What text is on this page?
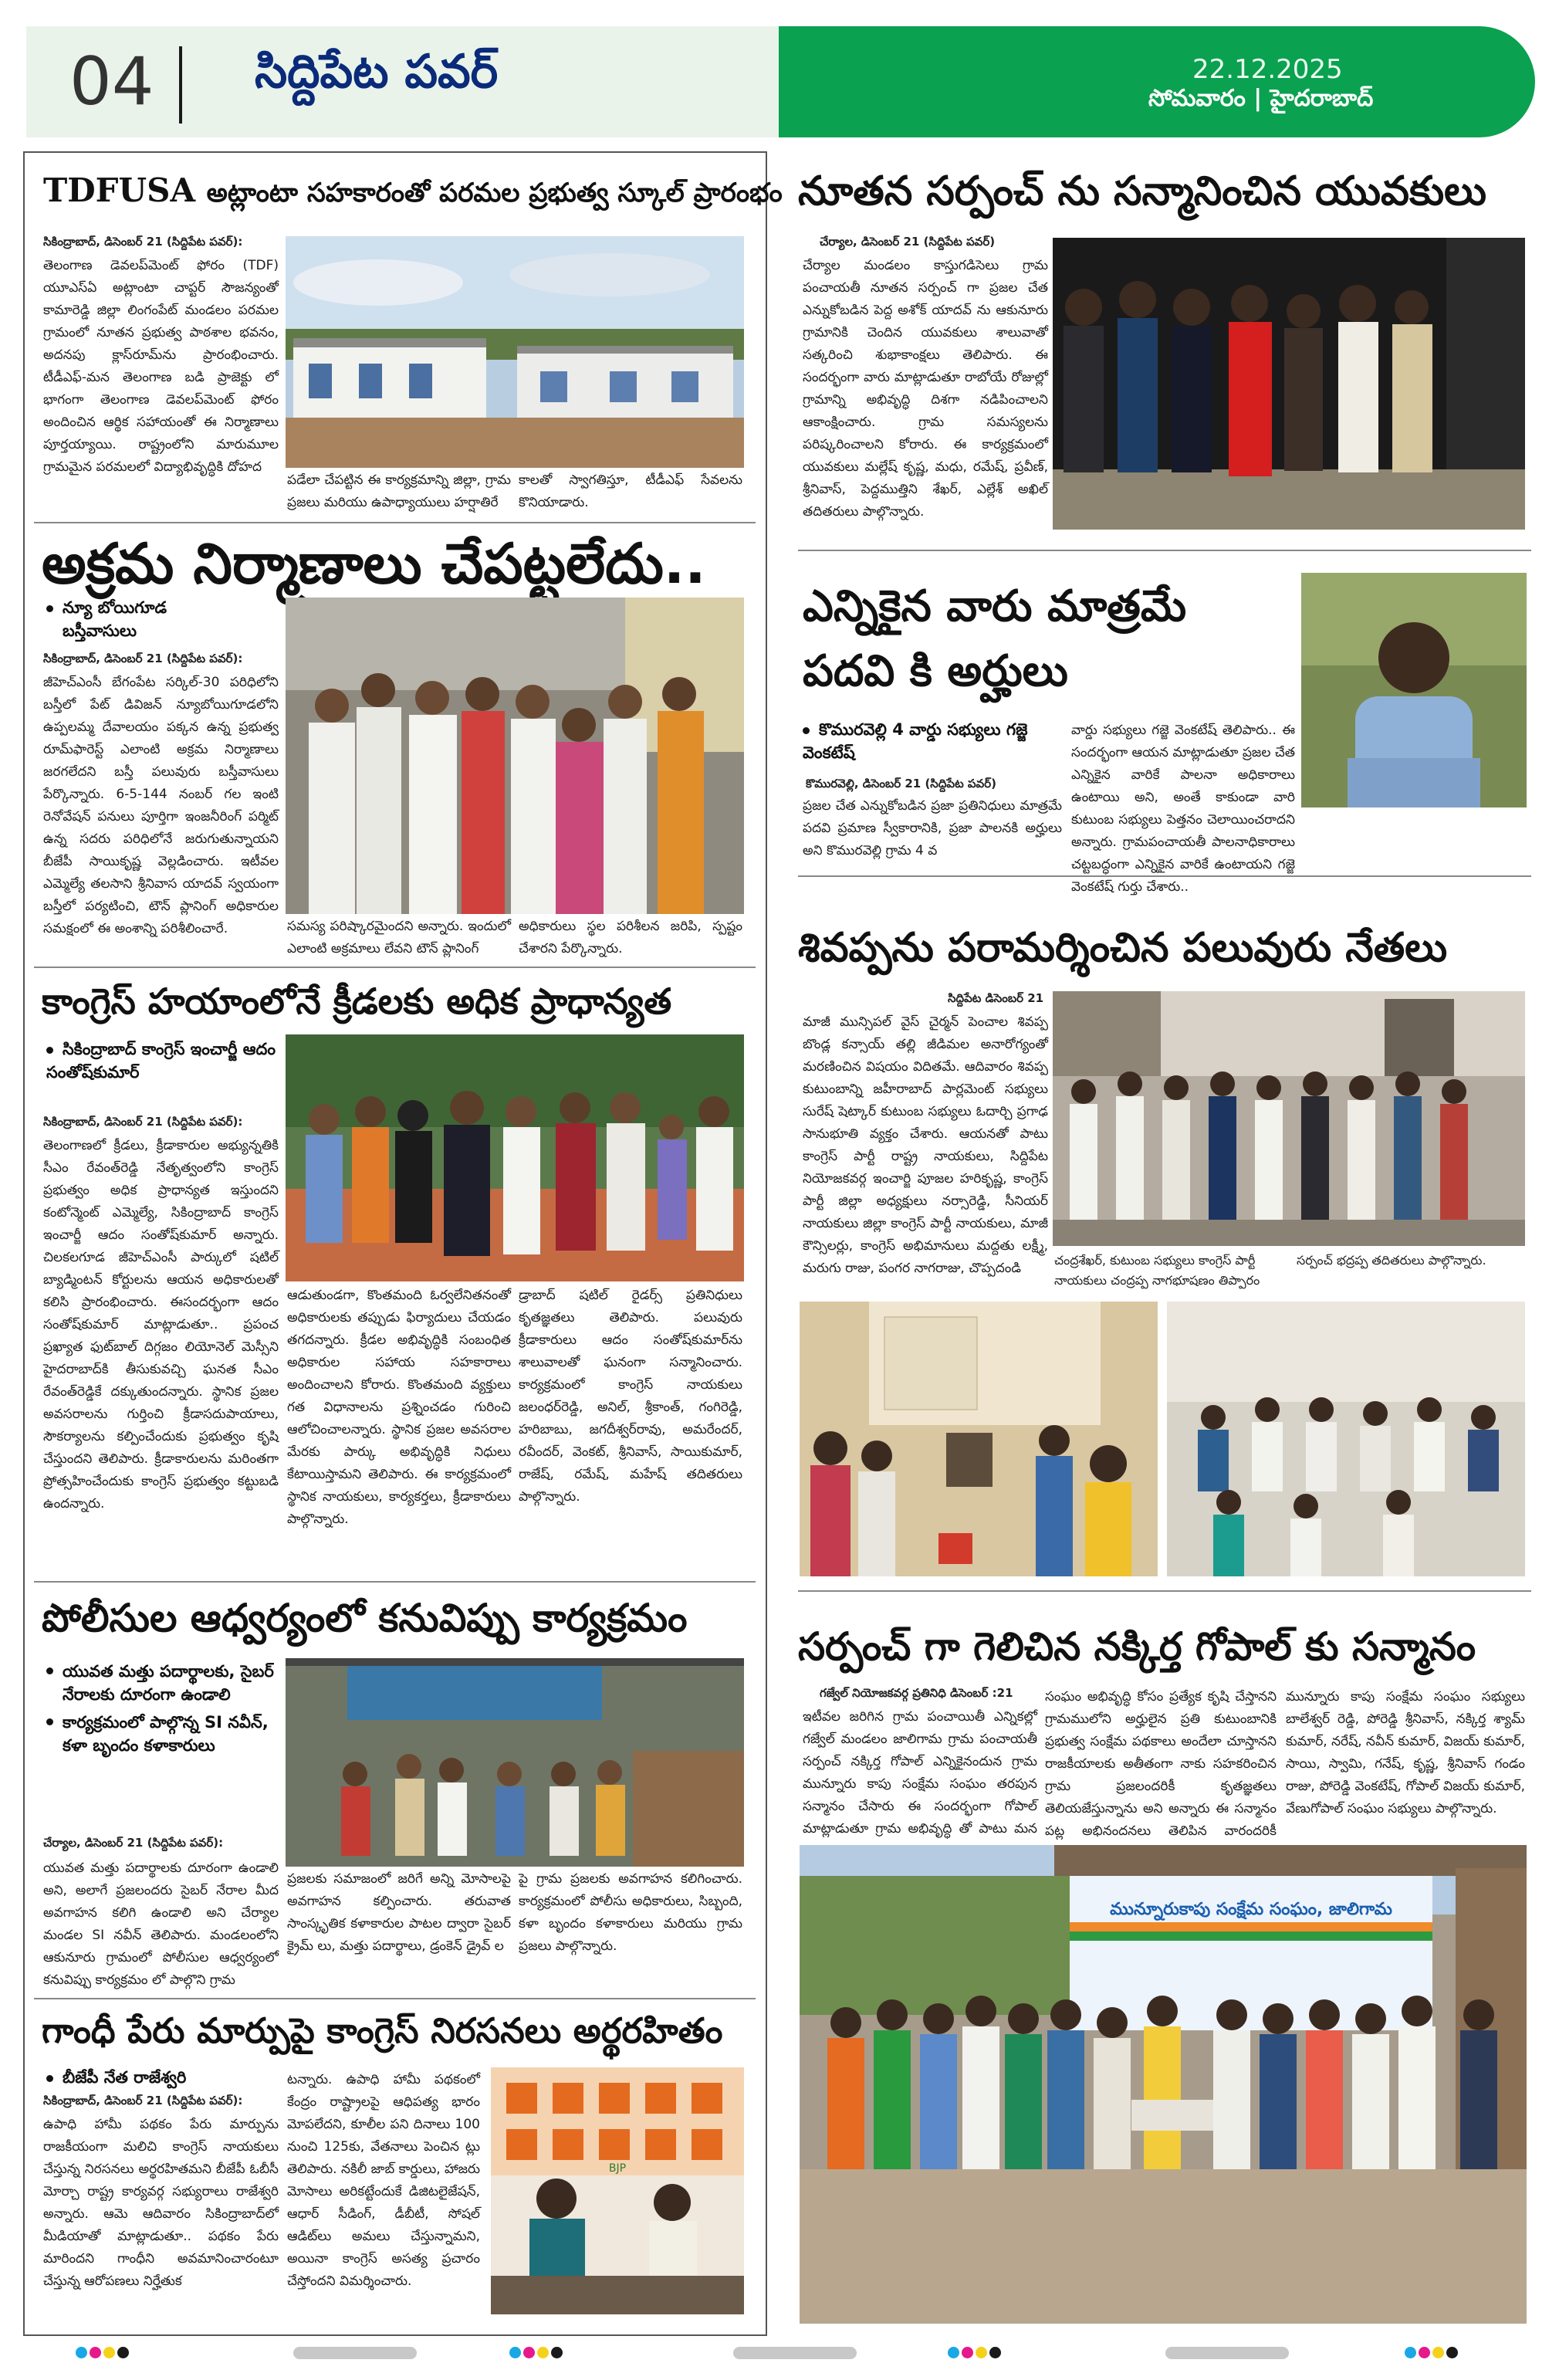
04 సిద్దిపేట పవర్	22.12.2025
సోమవారం | హైదరాబాద్
TDFUSA అట్లాంటా సహకారంతో పరమల ప్రభుత్వ స్కూల్ ప్రారంభం
సికింద్రాబాద్, డిసెంబర్ 21 (సిద్దిపేట పవర్):
తెలంగాణ డెవలప్‌మెంట్ ఫోరం (TDF) యూఎస్‌ఏ అట్లాంటా చాప్టర్ సౌజన్యంతో కామారెడ్డి జిల్లా లింగంపేట్ మండలం పరమల గ్రామంలో నూతన ప్రభుత్వ పాఠశాల భవనం, అదనపు క్లాస్‌రూమ్‌ను ప్రారంభించారు. టీడీఎఫ్-మన తెలంగాణ బడి ప్రాజెక్టు లో భాగంగా తెలంగాణ డెవలప్‌మెంట్ ఫోరం అందించిన ఆర్థిక సహాయంతో ఈ నిర్మాణాలు పూర్తయ్యాయి. రాష్ట్రంలోని మారుమూల గ్రామమైన పరమలలో విద్యాభివృద్ధికి దోహద
పడేలా చేపట్టిన ఈ కార్యక్రమాన్ని జిల్లా, గ్రామ ప్రజలు మరియు ఉపాధ్యాయులు హర్షాతిరే
కాలతో స్వాగతిస్తూ, టీడీఎఫ్ సేవలను కొనియాడారు.
అక్రమ నిర్మాణాలు చేపట్టలేదు..
న్యూ బోయిగూడ
బస్తీవాసులు
సికింద్రాబాద్, డిసెంబర్ 21 (సిద్దిపేట పవర్):
జీహెచ్‌ఎంసీ బేగంపేట సర్కిల్-30 పరిధిలోని బస్తీలో పేట్ డివిజన్ న్యూబోయిగూడలోని ఉప్పలమ్మ దేవాలయం పక్కన ఉన్న ప్రభుత్వ రూమ్‌ఫారెస్ట్ ఎలాంటి అక్రమ నిర్మాణాలు జరగలేదని బస్తీ పలువురు బస్తీవాసులు పేర్కొన్నారు. 6-5-144 నంబర్ గల ఇంటి రెనోవేషన్ పనులు పూర్తిగా ఇంజనీరింగ్ పర్మిట్ ఉన్న సదరు పరిధిలోనే జరుగుతున్నాయని బీజేపీ సాయికృష్ణ వెల్లడించారు. ఇటీవల ఎమ్మెల్యే తలసాని శ్రీనివాస యాదవ్ స్వయంగా బస్తీలో పర్యటించి, టౌన్ ప్లానింగ్ అధికారుల సమక్షంలో ఈ అంశాన్ని పరిశీలించారే.	సమస్య పరిష్కారమైందని అన్నారు. ఇందులో ఎలాంటి అక్రమాలు లేవని టౌన్ ప్లానింగ్
అధికారులు స్థల పరిశీలన జరిపి, స్పష్టం చేశారని పేర్కొన్నారు.
కాంగ్రెస్ హయాంలోనే క్రీడలకు అధిక ప్రాధాన్యత
సికింద్రాబాద్ కాంగ్రెస్ ఇంచార్జీ ఆదం సంతోష్‌కుమార్
సికింద్రాబాద్, డిసెంబర్ 21 (సిద్దిపేట పవర్):
తెలంగాణలో క్రీడలు, క్రీడాకారుల అభ్యున్నతికి సీఎం రేవంత్‌రెడ్డి నేతృత్వంలోని కాంగ్రెస్ ప్రభుత్వం అధిక ప్రాధాన్యత ఇస్తుందని కంటోన్మెంట్ ఎమ్మెల్యే, సికింద్రాబాద్ కాంగ్రెస్ ఇంచార్జీ ఆదం సంతోష్‌కుమార్ అన్నారు. చిలకలగూడ జీహెచ్‌ఎంసీ పార్కులో షటిల్ బ్యాడ్మింటన్ కోర్టులను ఆయన అధికారులతో కలిసి ప్రారంభించారు. ఈసందర్భంగా ఆదం సంతోష్‌కుమార్ మాట్లాడుతూ.. ప్రపంచ ప్రఖ్యాత ఫుట్‌బాల్ దిగ్గజం లియోనెల్ మెస్సీని హైదరాబాద్‌కి తీసుకువచ్చి ఘనత సీఎం రేవంత్‌రెడ్డికే దక్కుతుందన్నారు. స్థానిక ప్రజల అవసరాలను గుర్తించి క్రీడాసదుపాయాలు, సౌకర్యాలను కల్పించేందుకు ప్రభుత్వం కృషి చేస్తుందని తెలిపారు. క్రీడాకారులను మరింతగా ప్రోత్సహించేందుకు కాంగ్రెస్ ప్రభుత్వం కట్టుబడి ఉందన్నారు.
ఆడుతుండగా, కొంతమంది ఓర్వలేనితనంతో అధికారులకు తప్పుడు ఫిర్యాదులు చేయడం తగదన్నారు. క్రీడల అభివృద్ధికి సంబంధిత అధికారుల సహాయ సహకారాలు అందించాలని కోరారు. కొంతమంది వ్యక్తులు గత విధానాలను ప్రశ్నించడం గురించి ఆలోచించాలన్నారు. స్థానిక ప్రజల అవసరాల మేరకు పార్కు అభివృద్ధికి నిధులు కేటాయిస్తామని తెలిపారు. ఈ కార్యక్రమంలో స్థానిక నాయకులు, కార్యకర్తలు, క్రీడాకారులు పాల్గొన్నారు.
డ్రాబాద్ షటిల్ రైడర్స్ ప్రతినిధులు కృతజ్ఞతలు తెలిపారు. పలువురు క్రీడాకారులు ఆదం సంతోష్‌కుమార్‌ను శాలువాలతో ఘనంగా సన్మానించారు. కార్యక్రమంలో కాంగ్రెస్ నాయకులు జలంధర్‌రెడ్డి, అనిల్, శ్రీకాంత్, గంగిరెడ్డి, హరిబాబు, జగదీశ్వర్‌రావు, అమరేందర్, రవీందర్, వెంకట్, శ్రీనివాస్, సాయికుమార్, రాజేష్, రమేష్, మహేష్ తదితరులు పాల్గొన్నారు.
పోలీసుల ఆధ్వర్యంలో కనువిప్పు కార్యక్రమం
యువత మత్తు పదార్థాలకు, సైబర్ నేరాలకు దూరంగా ఉండాలి
కార్యక్రమంలో పాల్గొన్న SI నవీన్, కళా బృందం కళాకారులు
చేర్యాల, డిసెంబర్ 21 (సిద్దిపేట పవర్):
యువత మత్తు పదార్థాలకు దూరంగా ఉండాలి అని, అలాగే ప్రజలందరు సైబర్ నేరాల మీద అవగాహన కలిగి ఉండాలి అని చేర్యాల మండల SI నవీన్ తెలిపారు. మండలంలోని ఆకునూరు గ్రామంలో పోలీసుల ఆధ్వర్యంలో కనువిప్పు కార్యక్రమం లో పాల్గొని గ్రామ
ప్రజలకు సమాజంలో జరిగే అన్ని మోసాలపై అవగాహన కల్పించారు. తరువాత సాంస్కృతిక కళాకారుల పాటల ద్వారా సైబర్ క్రైమ్ లు, మత్తు పదార్థాలు, డ్రంకెన్ డ్రైవ్ ల
పై గ్రామ ప్రజలకు అవగాహన కలిగించారు. కార్యక్రమంలో పోలీసు అధికారులు, సిబ్బంది, కళా బృందం కళాకారులు మరియు గ్రామ ప్రజలు పాల్గొన్నారు.
గాంధీ పేరు మార్పుపై కాంగ్రెస్ నిరసనలు అర్థరహితం
బీజేపీ నేత రాజేశ్వరి
సికింద్రాబాద్, డిసెంబర్ 21 (సిద్దిపేట పవర్):
ఉపాధి హామీ పథకం పేరు మార్పును రాజకీయంగా మలిచి కాంగ్రెస్ నాయకులు చేస్తున్న నిరసనలు అర్థరహితమని బీజేపీ ఓబీసీ మోర్చా రాష్ట్ర కార్యవర్గ సభ్యురాలు రాజేశ్వరి అన్నారు. ఆమె ఆదివారం సికింద్రాబాద్‌లో మీడియాతో మాట్లాడుతూ.. పథకం పేరు మారిందని గాంధీని అవమానించారంటూ చేస్తున్న ఆరోపణలు నిర్హేతుక
టన్నారు. ఉపాధి హామీ పథకంలో కేంద్రం రాష్ట్రాలపై ఆధిపత్య భారం మోపలేదని, కూలీల పని దినాలు 100 నుంచి 125కు, వేతనాలు పెంచిన ట్లు తెలిపారు. నకిలీ జాబ్ కార్డులు, హాజరు మోసాలు అరికట్టేందుకే డిజిటలైజేషన్, ఆధార్ సీడింగ్, డీబీటీ, సోషల్ ఆడిట్‌లు అమలు చేస్తున్నామని, అయినా కాంగ్రెస్ అసత్య ప్రచారం చేస్తోందని విమర్శించారు.
BJP
నూతన సర్పంచ్ ను సన్మానించిన యువకులు
చేర్యాల, డిసెంబర్ 21 (సిద్దిపేట పవర్)
చేర్యాల మండలం కాస్తుగడిసెలు గ్రామ పంచాయతీ నూతన సర్పంచ్ గా ప్రజల చేత ఎన్నుకోబడిన పెద్ద అశోక్ యాదవ్ ను ఆకునూరు గ్రామానికి చెందిన యువకులు శాలువాతో సత్కరించి శుభాకాంక్షలు తెలిపారు. ఈ సందర్భంగా వారు మాట్లాడుతూ రాబోయే రోజుల్లో గ్రామాన్ని అభివృద్ధి దిశగా నడిపించాలని ఆకాంక్షించారు. గ్రామ సమస్యలను పరిష్కరించాలని కోరారు. ఈ కార్యక్రమంలో యువకులు మల్లేష్ కృష్ణ, మధు, రమేష్, ప్రవీణ్, శ్రీనివాస్, పెద్దముత్తిని శేఖర్, ఎల్లేశ్ అఖిల్ తదితరులు పాల్గొన్నారు.
ఎన్నికైన వారు మాత్రమే
పదవి కి అర్హులు
కొమురవెల్లి 4 వార్డు సభ్యులు గజ్జె వెంకటేష్
కొమురవెల్లి, డిసెంబర్ 21 (సిద్దిపేట పవర్)
ప్రజల చేత ఎన్నుకోబడిన ప్రజా ప్రతినిధులు మాత్రమే పదవి ప్రమాణ స్వీకారానికి, ప్రజా పాలనకి అర్హులు అని కొమురవెల్లి గ్రామ 4 వ
వార్డు సభ్యులు గజ్జె వెంకటేష్ తెలిపారు.. ఈ సందర్భంగా ఆయన మాట్లాడుతూ ప్రజల చేత ఎన్నికైన వారికే పాలనా అధికారాలు ఉంటాయి అని, అంతే కాకుండా వారి కుటుంబ సభ్యులు పెత్తనం చెలాయించరాదని అన్నారు. గ్రామపంచాయతీ పాలనాధికారాలు చట్టబద్ధంగా ఎన్నికైన వారికే ఉంటాయని గజ్జె వెంకటేష్ గుర్తు చేశారు..
శివప్పను పరామర్శించిన పలువురు నేతలు
సిద్దిపేట డిసెంబర్ 21
మాజీ మున్సిపల్ వైస్ చైర్మన్ పెంచాల శివప్ప బొండ్ల కన్సాయ్ తల్లి జీడిమల అనారోగ్యంతో మరణించిన విషయం విదితమే. ఆదివారం శివప్ప కుటుంబాన్ని జహీరాబాద్ పార్లమెంట్ సభ్యులు సురేష్ షెట్కార్ కుటుంబ సభ్యులు ఓదార్చి ప్రగాఢ సానుభూతి వ్యక్తం చేశారు. ఆయనతో పాటు కాంగ్రెస్ పార్టీ రాష్ట్ర నాయకులు, సిద్దిపేట నియోజకవర్గ ఇంచార్జి పూజల హరికృష్ణ, కాంగ్రెస్ పార్టీ జిల్లా అధ్యక్షులు నర్సారెడ్డి, సీనియర్ నాయకులు జిల్లా కాంగ్రెస్ పార్టీ నాయకులు, మాజీ కౌన్సిలర్లు, కాంగ్రెస్ అభిమానులు మద్దతు లక్ష్మీ, మరుగు రాజు, పంగర నాగరాజు, చొప్పదండి
చంద్రశేఖర్, కుటుంబ సభ్యులు కాంగ్రెస్ పార్టీ నాయకులు చంద్రప్ప నాగభూషణం తిప్పారం
సర్పంచ్ భద్రప్ప తదితరులు పాల్గొన్నారు.
సర్పంచ్ గా గెలిచిన నక్కిర్త గోపాల్ కు సన్మానం
గజ్వేల్ నియోజకవర్గ ప్రతినిధి డిసెంబర్ :21
ఇటీవల జరిగిన గ్రామ పంచాయితీ ఎన్నికల్లో గజ్వేల్ మండలం జాలిగామ గ్రామ పంచాయతీ సర్పంచ్ నక్కిర్త గోపాల్ ఎన్నికైనందున గ్రామ మున్నూరు కాపు సంక్షేమ సంఘం తరపున సన్మానం చేసారు ఈ సందర్భంగా గోపాల్ మాట్లాడుతూ గ్రామ అభివృద్ధి తో పాటు మన
సంఘం అభివృద్ధి కోసం ప్రత్యేక కృషి చేస్తానని గ్రామములోని అర్హులైన ప్రతి కుటుంబానికి ప్రభుత్వ సంక్షేమ పథకాలు అందేలా చూస్తానని రాజకీయాలకు అతీతంగా నాకు సహకరించిన గ్రామ ప్రజలందరికీ కృతజ్ఞతలు తెలియజేస్తున్నాను అని అన్నారు ఈ సన్మానం పట్ల అభినందనలు తెలిపిన వారందరికీ
మున్నూరు కాపు సంక్షేమ సంఘం సభ్యులు బాలేశ్వర్ రెడ్డి, పోరెడ్డి శ్రీనివాస్, నక్కిర్త శ్యామ్ కుమార్, నరేష్, నవీన్ కుమార్, విజయ్ కుమార్, సాయి, స్వామి, గనేష్, కృష్ణ, శ్రీనివాస్ గండం రాజు, పోరెడ్డి వెంకటేష్, గోపాల్ విజయ్ కుమార్, వేణుగోపాల్ సంఘం సభ్యులు పాల్గొన్నారు.
మున్నూరుకాపు సంక్షేమ సంఘం, జాలిగామ
